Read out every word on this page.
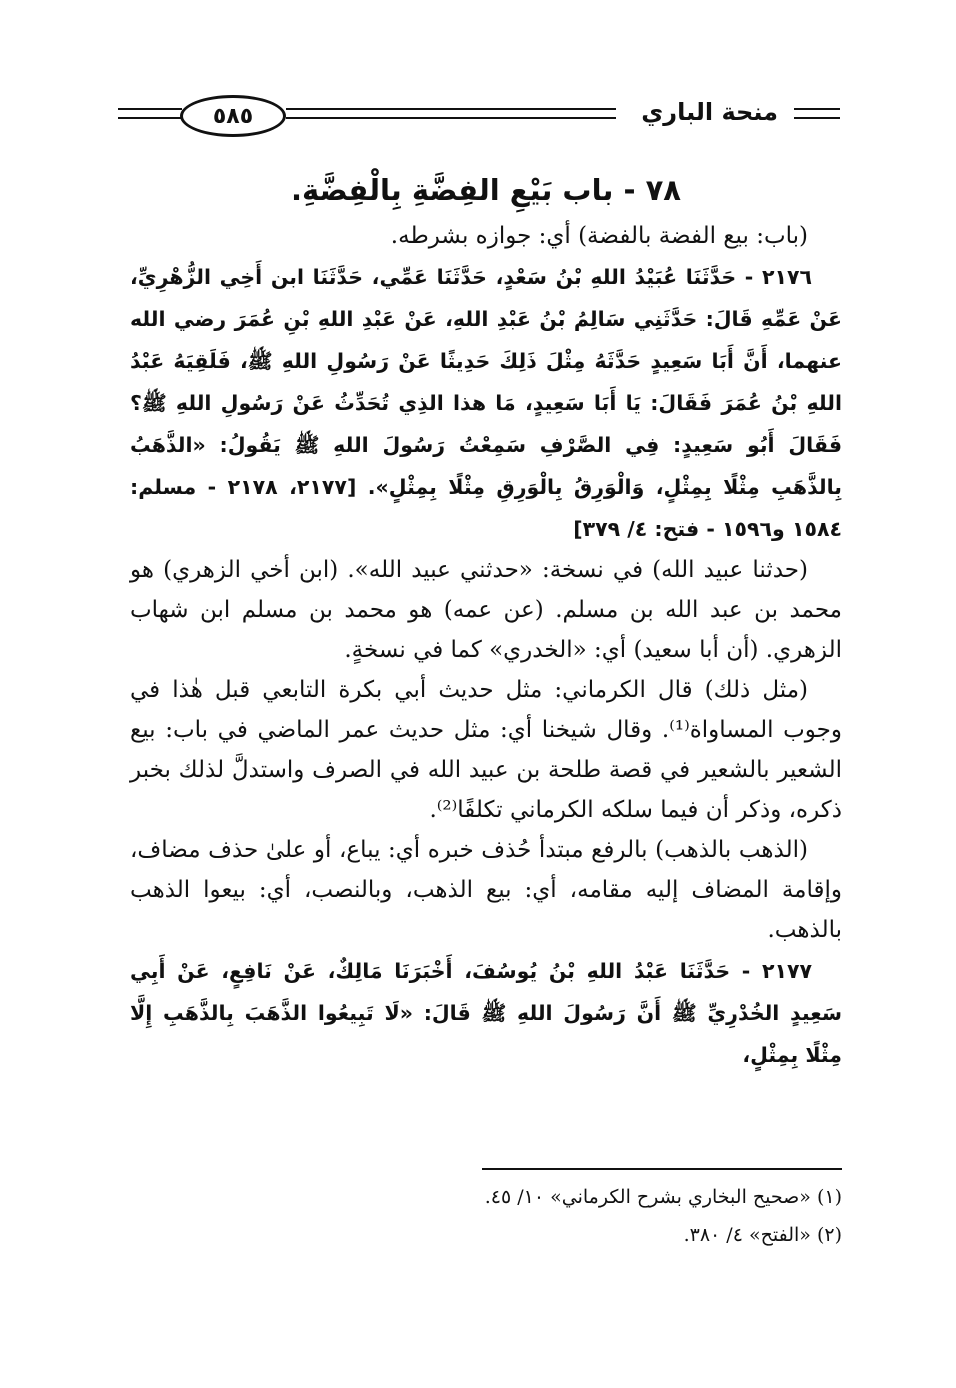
٥٨٥	منحة الباري
٧٨ - باب بَيْعِ الفِضَّةِ بِالْفِضَّةِ.

(باب: بيع الفضة بالفضة) أي: جوازه بشرطه.

٢١٧٦ - حَدَّثَنَا عُبَيْدُ اللهِ بْنُ سَعْدٍ، حَدَّثَنَا عَمِّي، حَدَّثَنَا ابن أَخِي الزُّهْرِيِّ، عَنْ عَمِّهِ قَالَ: حَدَّثَنِي سَالِمُ بْنُ عَبْدِ اللهِ، عَنْ عَبْدِ اللهِ بْنِ عُمَرَ رضي الله عنهما، أَنَّ أَبَا سَعِيدٍ حَدَّثَهُ مِثْلَ ذَلِكَ حَدِيثًا عَنْ رَسُولِ اللهِ ﷺ، فَلَقِيَهُ عَبْدُ اللهِ بْنُ عُمَرَ فَقَالَ: يَا أَبَا سَعِيدٍ، مَا هذا الذِي تُحَدِّثُ عَنْ رَسُولِ اللهِ ﷺ؟ فَقَالَ أَبُو سَعِيدٍ: فِي الصَّرْفِ سَمِعْتُ رَسُولَ اللهِ ﷺ يَقُولُ: «الذَّهَبُ بِالذَّهَبِ مِثْلًا بِمِثْلٍ، وَالْوَرِقُ بِالْوَرِقِ مِثْلًا بِمِثْلٍ». [٢١٧٧، ٢١٧٨ - مسلم: ١٥٨٤ و١٥٩٦ - فتح: ٤/ ٣٧٩]

(حدثنا عبيد الله) في نسخة: «حدثني عبيد الله». (ابن أخي الزهري) هو محمد بن عبد الله بن مسلم. (عن عمه) هو محمد بن مسلم ابن شهاب الزهري. (أن أبا سعيد) أي: «الخدري» كما في نسخةٍ.

(مثل ذلك) قال الكرماني: مثل حديث أبي بكرة التابعي قبل هٰذا في وجوب المساواة⁽¹⁾. وقال شيخنا أي: مثل حديث عمر الماضي في باب: بيع الشعير بالشعير في قصة طلحة بن عبيد الله في الصرف واستدلَّ لذلك بخبر ذكره، وذكر أن فيما سلكه الكرماني تكلفًا⁽²⁾.

(الذهب بالذهب) بالرفع مبتدأ حُذف خبره أي: يباع، أو علىٰ حذف مضاف، وإقامة المضاف إليه مقامه، أي: بيع الذهب، وبالنصب، أي: بيعوا الذهب بالذهب.

٢١٧٧ - حَدَّثَنَا عَبْدُ اللهِ بْنُ يُوسُفَ، أَخْبَرَنَا مَالِكٌ، عَنْ نَافِعٍ، عَنْ أَبِي سَعِيدٍ الخُدْرِيِّ ﷺ أَنَّ رَسُولَ اللهِ ﷺ قَالَ: «لَا تَبِيعُوا الذَّهَبَ بِالذَّهَبِ إِلَّا مِثْلًا بِمِثْلٍ،

(١) «صحيح البخاري بشرح الكرماني» ١٠/ ٤٥.

(٢) «الفتح» ٤/ ٣٨٠.
